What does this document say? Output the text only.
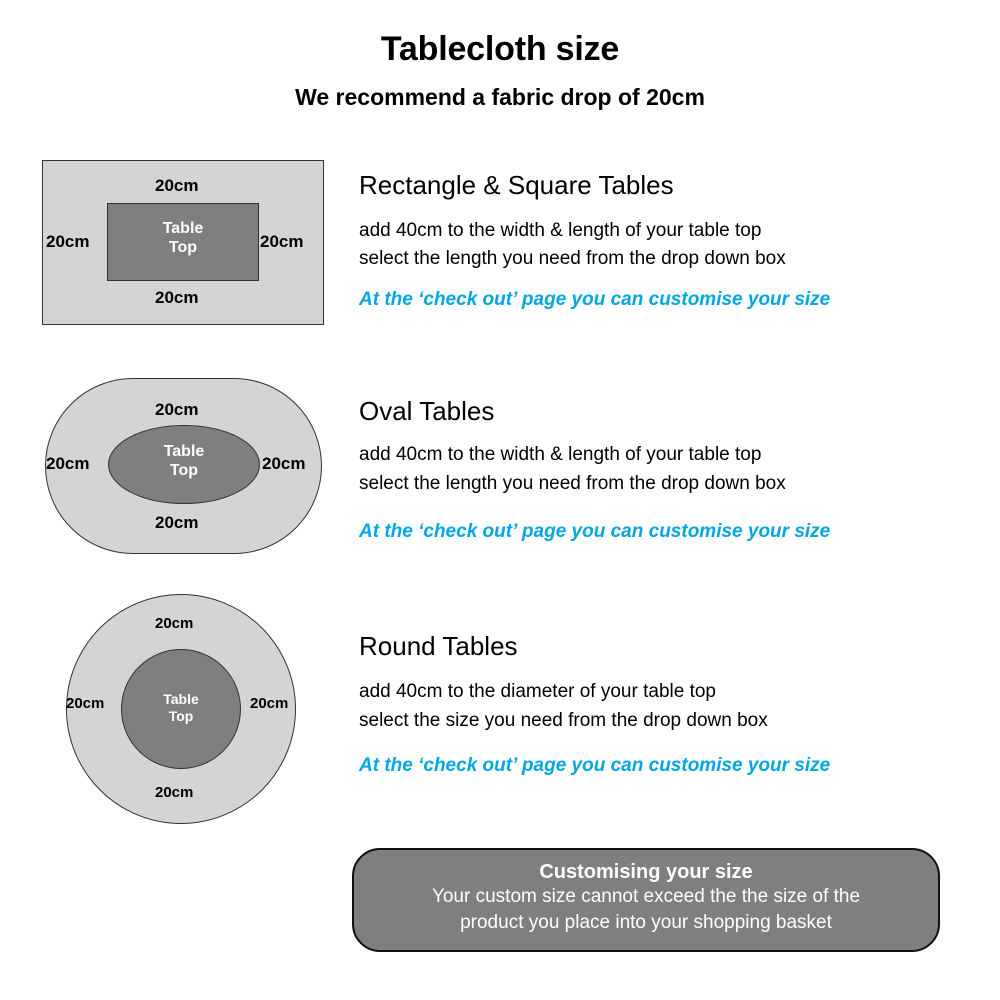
Tablecloth size
We recommend a fabric drop of 20cm
Table
Top
20cm
20cm
20cm	20cm
Rectangle & Square Tables
add 40cm to the width & length of your table top
select the length you need from the drop down box
At the ‘check out’ page you can customise your size
Table
Top
20cm
20cm
20cm	20cm
Oval Tables
add 40cm to the width & length of your table top
select the length you need from the drop down box
At the ‘check out’ page you can customise your size
Table
Top
20cm
20cm
20cm	20cm
Round Tables
add 40cm to the diameter of your table top
select the size you need from the drop down box
At the ‘check out’ page you can customise your size
Customising your size
Your custom size cannot exceed the the size of the
product you place into your shopping basket
